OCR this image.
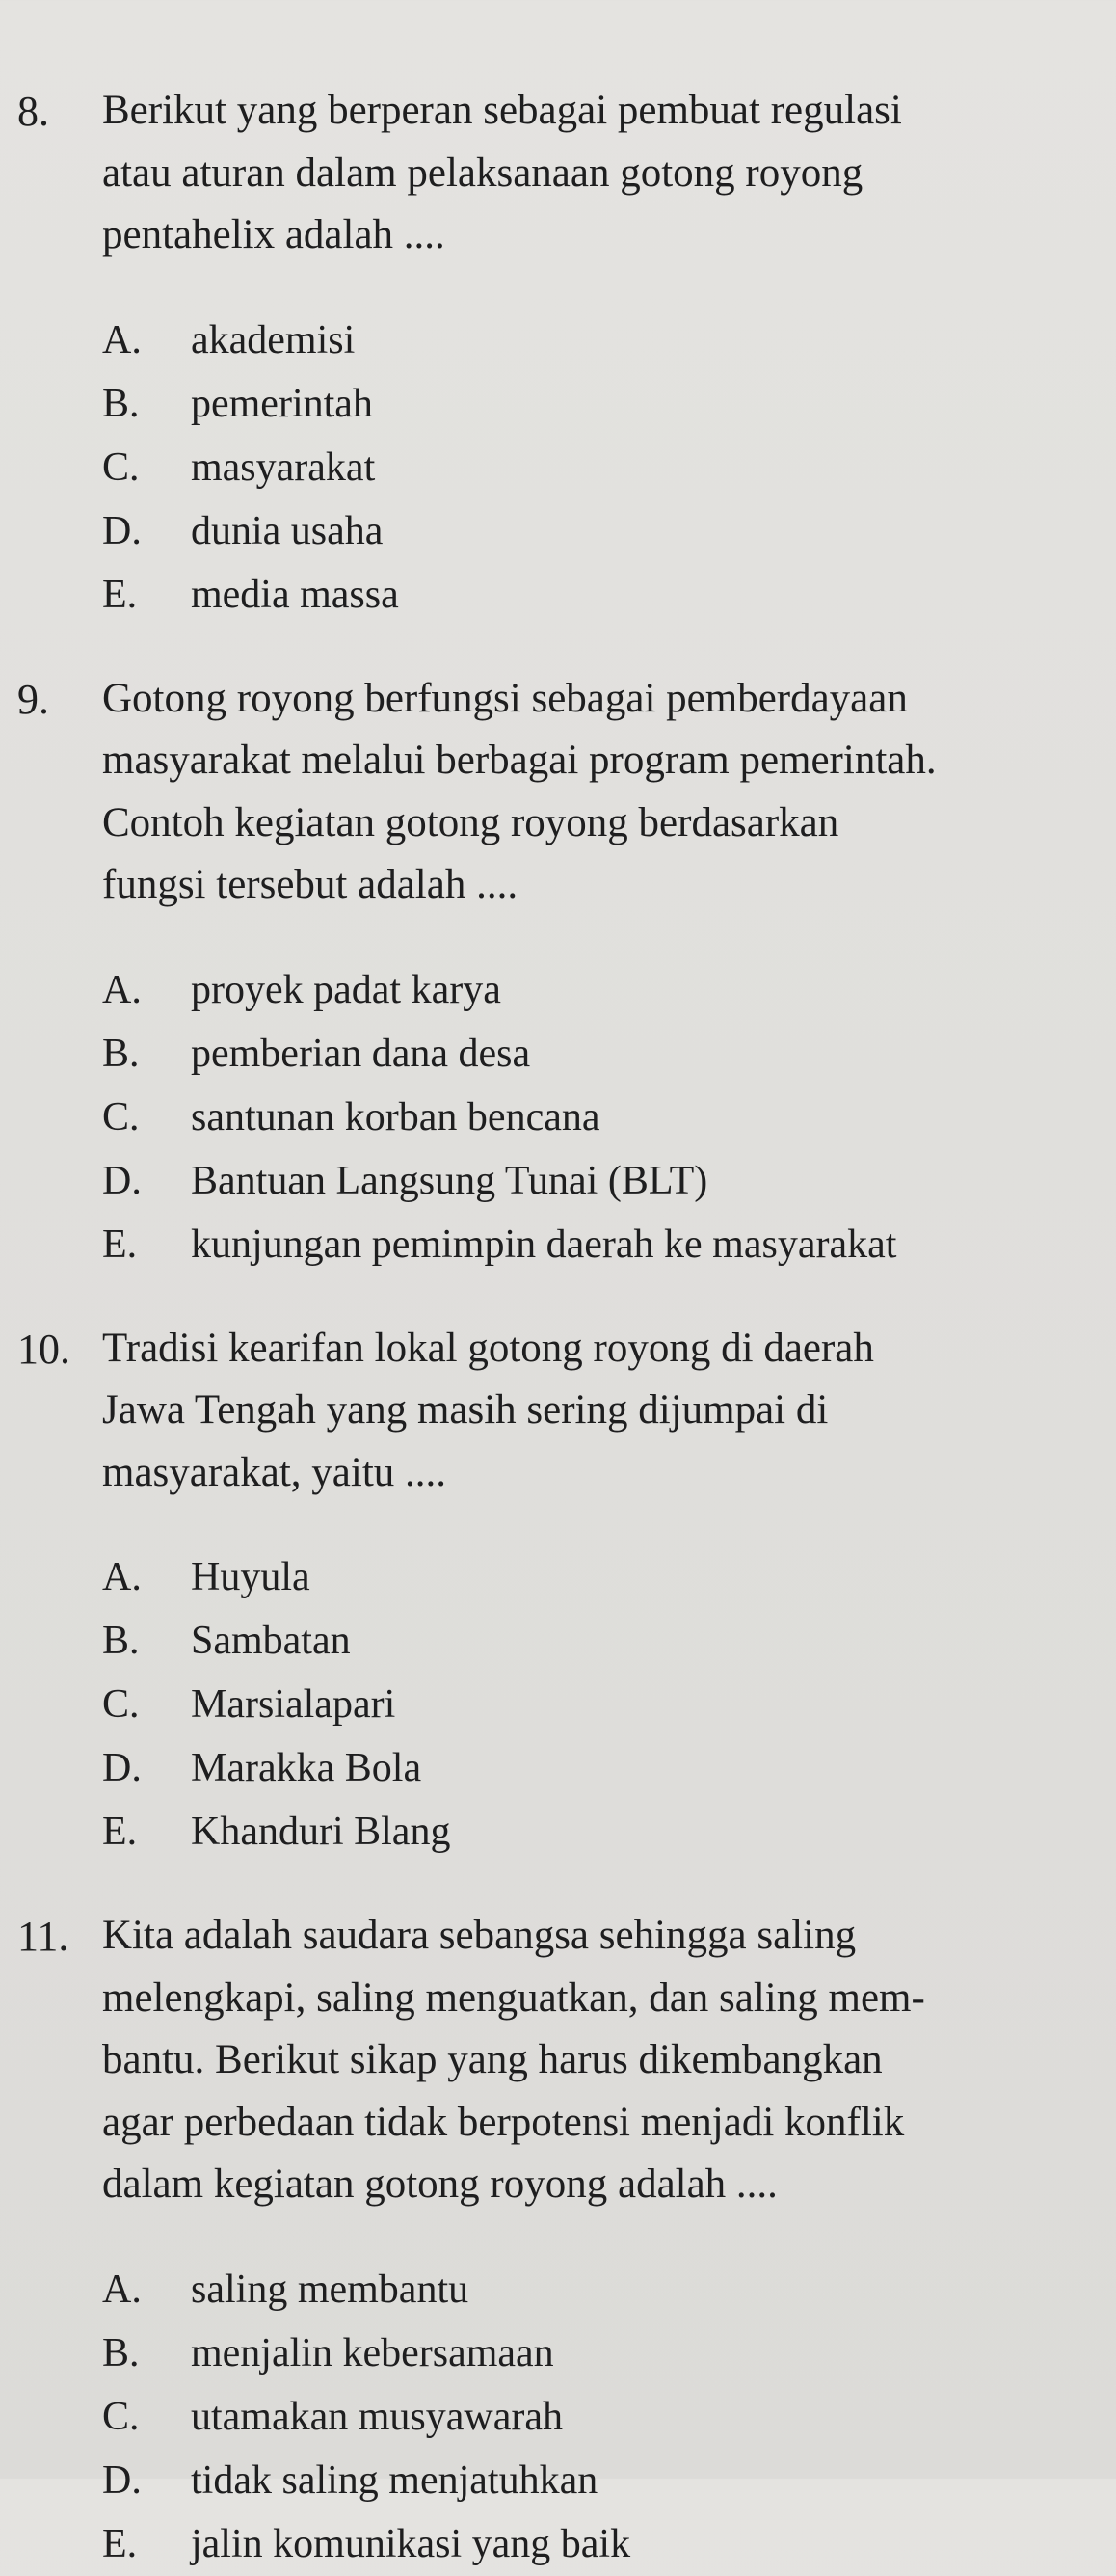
8. Berikut yang berperan sebagai pembuat regulasi
atau aturan dalam pelaksanaan gotong royong
pentahelix adalah ....

A.	akademisi
B.	pemerintah
C.	masyarakat
D.	dunia usaha
E.	media massa
9. Gotong royong berfungsi sebagai pemberdayaan
masyarakat melalui berbagai program pemerintah.
Contoh kegiatan gotong royong berdasarkan
fungsi tersebut adalah ....

A.	proyek padat karya
B.	pemberian dana desa
C.	santunan korban bencana
D.	Bantuan Langsung Tunai (BLT)
E.	kunjungan pemimpin daerah ke masyarakat
10. Tradisi kearifan lokal gotong royong di daerah
Jawa Tengah yang masih sering dijumpai di
masyarakat, yaitu ....

A.	Huyula
B.	Sambatan
C.	Marsialapari
D.	Marakka Bola
E.	Khanduri Blang
11. Kita adalah saudara sebangsa sehingga saling
melengkapi, saling menguatkan, dan saling mem-
bantu. Berikut sikap yang harus dikembangkan
agar perbedaan tidak berpotensi menjadi konflik
dalam kegiatan gotong royong adalah ....

A.	saling membantu
B.	menjalin kebersamaan
C.	utamakan musyawarah
D.	tidak saling menjatuhkan
E.	jalin komunikasi yang baik
